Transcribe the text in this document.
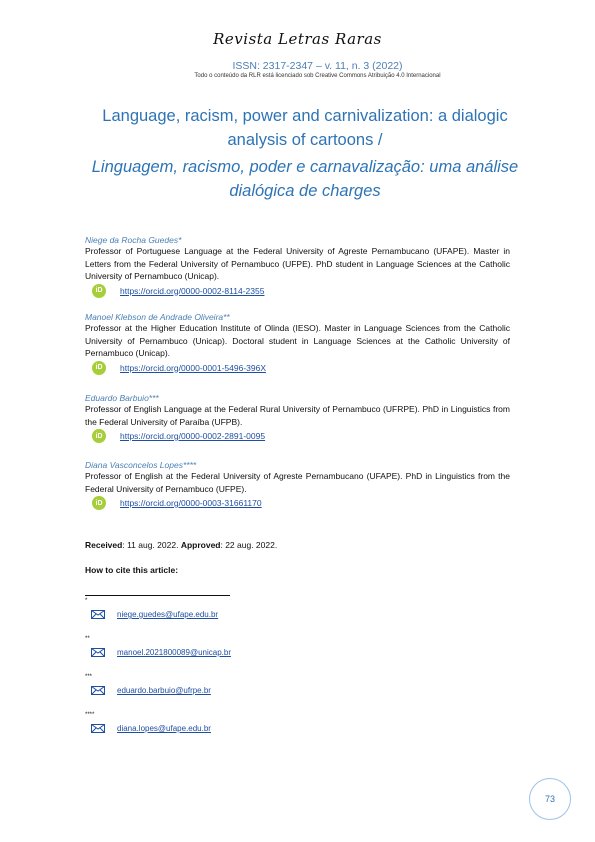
Revista Letras Raras
ISSN: 2317-2347 – v. 11, n. 3 (2022)
Todo o conteúdo da RLR está licenciado sob Creative Commons Atribuição 4.0 Internacional
Language, racism, power and carnivalization: a dialogic analysis of cartoons /
Linguagem, racismo, poder e carnavalização: uma análise dialógica de charges
Niege da Rocha Guedes*
Professor of Portuguese Language at the Federal University of Agreste Pernambucano (UFAPE). Master in Letters from the Federal University of Pernambuco (UFPE). PhD student in Language Sciences at the Catholic University of Pernambuco (Unicap).
iD	https://orcid.org/0000-0002-8114-2355
Manoel Klebson de Andrade Oliveira**
Professor at the Higher Education Institute of Olinda (IESO). Master in Language Sciences from the Catholic University of Pernambuco (Unicap). Doctoral student in Language Sciences at the Catholic University of Pernambuco (Unicap).
iD	https://orcid.org/0000-0001-5496-396X
Eduardo Barbuio***
Professor of English Language at the Federal Rural University of Pernambuco (UFRPE). PhD in Linguistics from the Federal University of Paraíba (UFPB).
iD	https://orcid.org/0000-0002-2891-0095
Diana Vasconcelos Lopes****
Professor of English at the Federal University of Agreste Pernambucano (UFAPE). PhD in Linguistics from the Federal University of Pernambuco (UFPE).
iD	https://orcid.org/0000-0003-31661170
Received: 11 aug. 2022. Approved: 22 aug. 2022.
How to cite this article:
*
niege.guedes@ufape.edu.br
**
manoel.2021800089@unicap.br
***
eduardo.barbuio@ufrpe.br
****
diana.lopes@ufape.edu.br
73
